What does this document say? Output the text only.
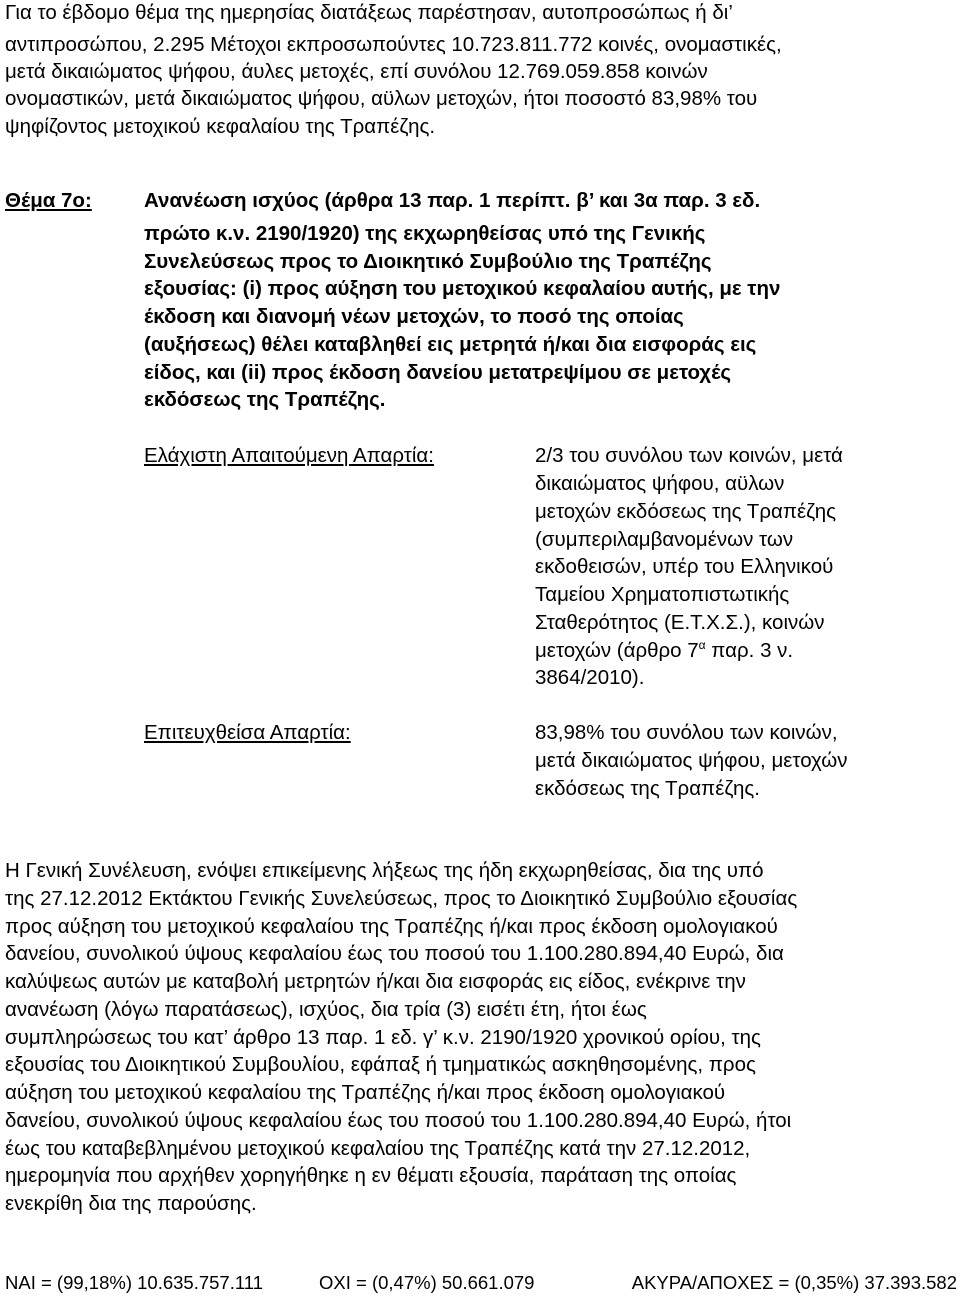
Για το έβδομο θέμα της ημερησίας διατάξεως παρέστησαν, αυτοπροσώπως ή δι’
αντιπροσώπου, 2.295 Μέτοχοι εκπροσωπούντες 10.723.811.772 κοινές, ονομαστικές,
μετά δικαιώματος ψήφου, άυλες μετοχές, επί συνόλου 12.769.059.858 κοινών
ονομαστικών, μετά δικαιώματος ψήφου, αϋλων μετοχών, ήτοι ποσοστό 83,98% του
ψηφίζοντος μετοχικού κεφαλαίου της Τραπέζης.
Θέμα 7ο:	Ανανέωση ισχύος (άρθρα 13 παρ. 1 περίπτ. β’ και 3α παρ. 3 εδ.
πρώτο κ.ν. 2190/1920) της εκχωρηθείσας υπό της Γενικής
Συνελεύσεως προς το Διοικητικό Συμβούλιο της Τραπέζης
εξουσίας: (i) προς αύξηση του μετοχικού κεφαλαίου αυτής, με την
έκδοση και διανομή νέων μετοχών, το ποσό της οποίας
(αυξήσεως) θέλει καταβληθεί εις μετρητά ή/και δια εισφοράς εις
είδος, και (ii) προς έκδοση δανείου μετατρεψίμου σε μετοχές
εκδόσεως της Τραπέζης.
Ελάχιστη Απαιτούμενη Απαρτία:	2/3 του συνόλου των κοινών, μετά
δικαιώματος ψήφου, αϋλων
μετοχών εκδόσεως της Τραπέζης
(συμπεριλαμβανομένων των
εκδοθεισών, υπέρ του Ελληνικού
Ταμείου Χρηματοπιστωτικής
Σταθερότητος (Ε.Τ.Χ.Σ.), κοινών
μετοχών (άρθρο $7^\alpha$ παρ. 3 ν.
3864/2010).
Επιτευχθείσα Απαρτία:	83,98% του συνόλου των κοινών,
μετά δικαιώματος ψήφου, μετοχών
εκδόσεως της Τραπέζης.
Η Γενική Συνέλευση, ενόψει επικείμενης λήξεως της ήδη εκχωρηθείσας, δια της υπό
της 27.12.2012 Εκτάκτου Γενικής Συνελεύσεως, προς το Διοικητικό Συμβούλιο εξουσίας
προς αύξηση του μετοχικού κεφαλαίου της Τραπέζης ή/και προς έκδοση ομολογιακού
δανείου, συνολικού ύψους κεφαλαίου έως του ποσού του 1.100.280.894,40 Ευρώ, δια
καλύψεως αυτών με καταβολή μετρητών ή/και δια εισφοράς εις είδος, ενέκρινε την
ανανέωση (λόγω παρατάσεως), ισχύος, δια τρία (3) εισέτι έτη, ήτοι έως
συμπληρώσεως του κατ’ άρθρο 13 παρ. 1 εδ. γ’ κ.ν. 2190/1920 χρονικού ορίου, της
εξουσίας του Διοικητικού Συμβουλίου, εφάπαξ ή τμηματικώς ασκηθησομένης, προς
αύξηση του μετοχικού κεφαλαίου της Τραπέζης ή/και προς έκδοση ομολογιακού
δανείου, συνολικού ύψους κεφαλαίου έως του ποσού του 1.100.280.894,40 Ευρώ, ήτοι
έως του καταβεβλημένου μετοχικού κεφαλαίου της Τραπέζης κατά την 27.12.2012,
ημερομηνία που αρχήθεν χορηγήθηκε η εν θέματι εξουσία, παράταση της οποίας
ενεκρίθη δια της παρούσης.
ΝΑΙ = (99,18%) 10.635.757.111	ΟΧΙ = (0,47%) 50.661.079	ΑΚΥΡΑ/ΑΠΟΧΕΣ = (0,35%) 37.393.582
